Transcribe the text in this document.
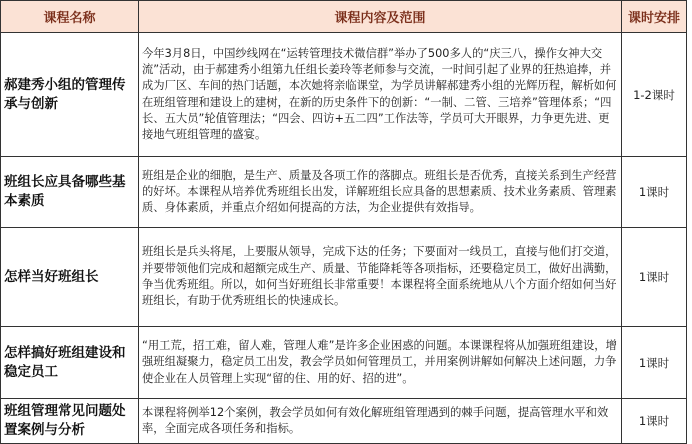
课程名称	课程内容及范围	课时安排
郝建秀小组的管理传承与创新	今年3月8日，中国纱线网在“运转管理技术微信群”举办了500多人的“庆三八，操作女神大交流”活动，由于郝建秀小组第九任组长姜玲等老师参与交流，一时间引起了业界的狂热追捧，并成为厂区、车间的热门话题，本次她将亲临课堂，为学员讲解郝建秀小组的光辉历程，解析如何在班组管理和建设上的建树，在新的历史条件下的创新：“一制、二管、三培养”管理体系；“四长、五大员”轮值管理法；“四会、四访+五二四”工作法等，学员可大开眼界，力争更先进、更接地气班组管理的盛宴。	1-2课时
班组长应具备哪些基本素质	班组是企业的细胞，是生产、质量及各项工作的落脚点。班组长是否优秀，直接关系到生产经营的好坏。本课程从培养优秀班组长出发，详解班组长应具备的思想素质、技术业务素质、管理素质、身体素质，并重点介绍如何提高的方法，为企业提供有效指导。	1课时
怎样当好班组长	班组长是兵头将尾，上要服从领导，完成下达的任务；下要面对一线员工，直接与他们打交道，并要带领他们完成和超额完成生产、质量、节能降耗等各项指标，还要稳定员工，做好出满勤，争当优秀班组。所以，如何当好班组长非常重要！本课程将全面系统地从八个方面介绍如何当好班组长，有助于优秀班组长的快速成长。	1课时
怎样搞好班组建设和稳定员工	“用工荒，招工难，留人难，管理人难”是许多企业困惑的问题。本课课程将从加强班组建设，增强班组凝聚力，稳定员工出发，教会学员如何管理员工，并用案例讲解如何解决上述问题，力争使企业在人员管理上实现“留的住、用的好、招的进”。	1课时
班组管理常见问题处置案例与分析	本课程将例举12个案例，教会学员如何有效化解班组管理遇到的棘手问题，提高管理水平和效率，全面完成各项任务和指标。	1课时
